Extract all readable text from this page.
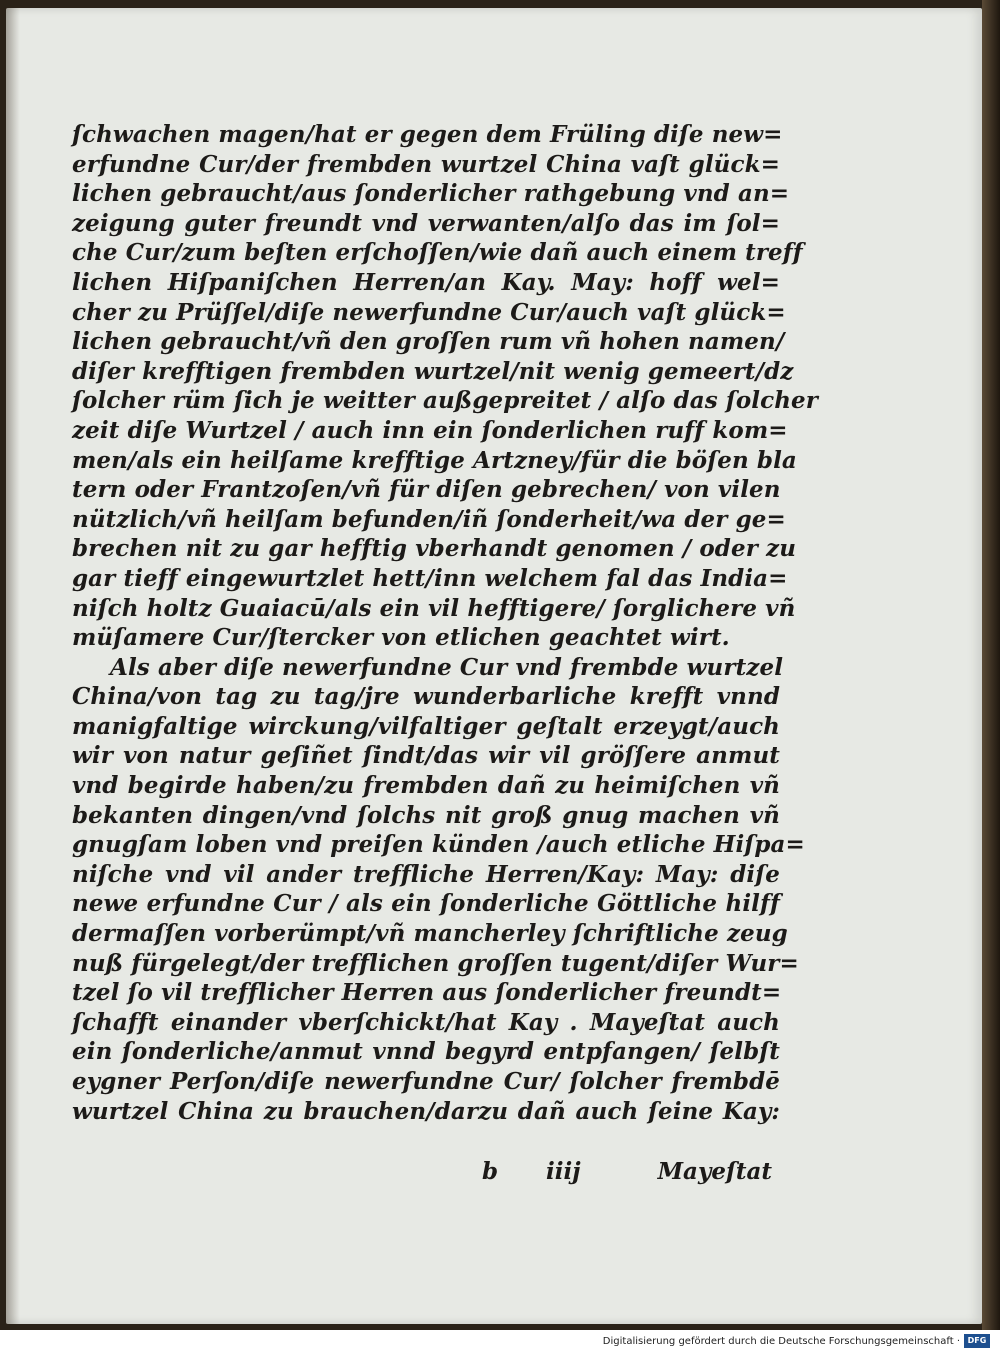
ſchwachen magen/hat er gegen dem Früling diſe new=
erfundne Cur/der frembden wurtzel China vaſt glück=
lichen gebraucht/aus ſonderlicher rathgebung vnd an=
zeigung guter freundt vnd verwanten/alſo das im ſol=
che Cur/zum beſten erſchoſſen/wie dañ auch einem treff
lichen Hiſpaniſchen Herren/an Kay. May: hoff wel=
cher zu Prüſſel/diſe newerfundne Cur/auch vaſt glück=
lichen gebraucht/vñ den groſſen rum vñ hohen namen/
diſer krefftigen frembden wurtzel/nit wenig gemeert/dz
ſolcher rüm ſich je weitter außgepreitet / alſo das ſolcher
zeit diſe Wurtzel / auch inn ein ſonderlichen ruff kom=
men/als ein heilſame krefftige Artzney/für die böſen bla
tern oder Frantzoſen/vñ für diſen gebrechen/ von vilen
nützlich/vñ heilſam befunden/iñ ſonderheit/wa der ge=
brechen nit zu gar hefftig vberhandt genomen / oder zu
gar tieff eingewurtzlet hett/inn welchem fal das India=
niſch holtz Guaiacū/als ein vil hefftigere/ ſorglichere vñ
müſamere Cur/ſtercker von etlichen geachtet wirt.
Als aber diſe newerfundne Cur vnd frembde wurtzel
China/von tag zu tag/jre wunderbarliche krefft vnnd
manigfaltige wirckung/vilfaltiger geſtalt erzeygt/auch
wir von natur geſiñet ſindt/das wir vil gröſſere anmut
vnd begirde haben/zu frembden dañ zu heimiſchen vñ
bekanten dingen/vnd ſolchs nit groß gnug machen vñ
gnugſam loben vnd preiſen künden /auch etliche Hiſpa=
niſche vnd vil ander treffliche Herren/Kay: May: diſe
newe erfundne Cur / als ein ſonderliche Göttliche hilff
dermaſſen vorberümpt/vñ mancherley ſchriftliche zeug
nuß fürgelegt/der trefflichen groſſen tugent/diſer Wur=
tzel ſo vil trefflicher Herren aus ſonderlicher freundt=
ſchafft einander vberſchickt/hat Kay . Mayeſtat auch
ein ſonderliche/anmut vnnd begyrd entpfangen/ ſelbſt
eygner Perſon/diſe newerfundne Cur/ ſolcher frembdē
wurtzel China zu brauchen/darzu dañ auch ſeine Kay:
b iiij	Mayeſtat
Digitalisierung gefördert durch die Deutsche Forschungsgemeinschaft · DFG
